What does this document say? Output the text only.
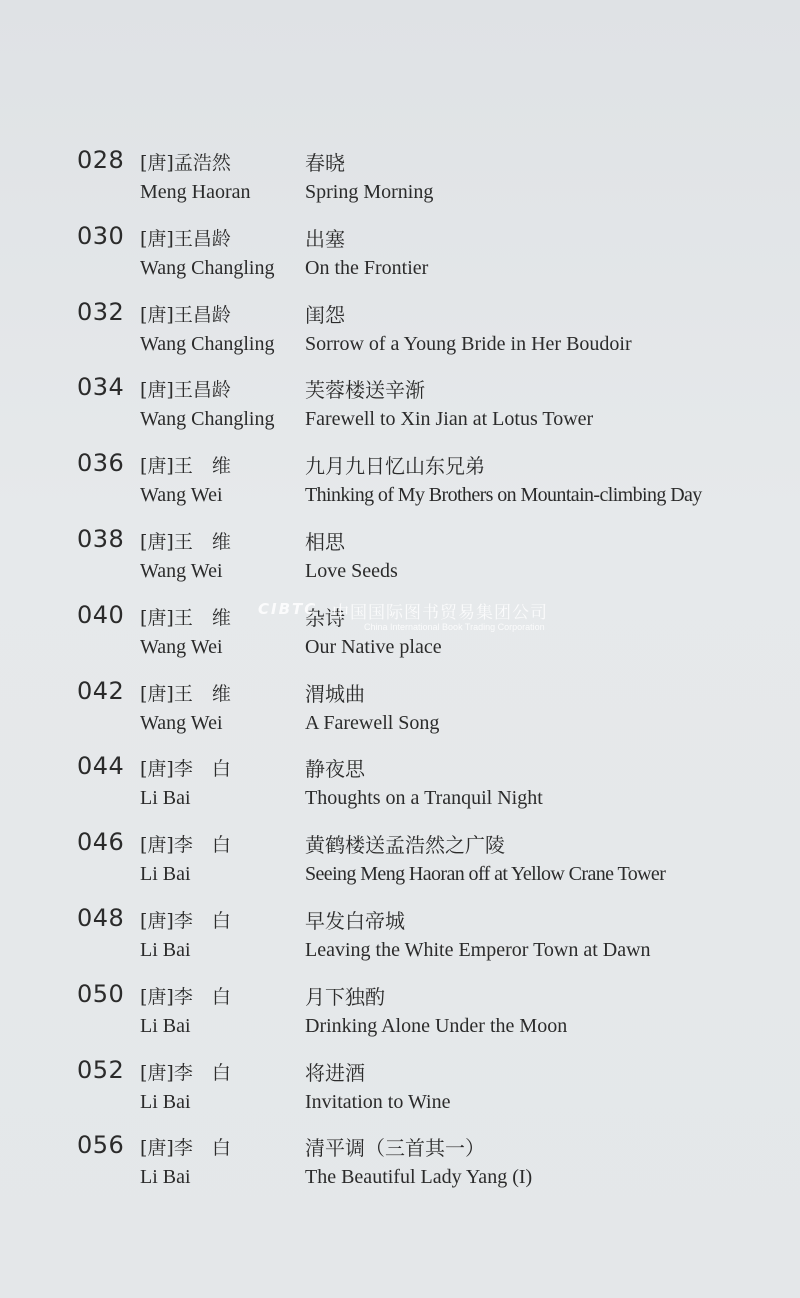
028 [唐]孟浩然
Meng Haoran
春晓
Spring Morning
030 [唐]王昌龄
Wang Changling
出塞
On the Frontier
032 [唐]王昌龄
Wang Changling
闺怨
Sorrow of a Young Bride in Her Boudoir
034 [唐]王昌龄
Wang Changling
芙蓉楼送辛渐
Farewell to Xin Jian at Lotus Tower
036 [唐]王　维
Wang Wei
九月九日忆山东兄弟
Thinking of My Brothers on Mountain-climbing Day
038 [唐]王　维
Wang Wei
相思
Love Seeds
040 [唐]王　维
Wang Wei
杂诗
Our Native place
042 [唐]王　维
Wang Wei
渭城曲
A Farewell Song
044 [唐]李　白
Li Bai
静夜思
Thoughts on a Tranquil Night
046 [唐]李　白
Li Bai
黄鹤楼送孟浩然之广陵
Seeing Meng Haoran off at Yellow Crane Tower
048 [唐]李　白
Li Bai
早发白帝城
Leaving the White Emperor Town at Dawn
050 [唐]李　白
Li Bai
月下独酌
Drinking Alone Under the Moon
052 [唐]李　白
Li Bai
将进酒
Invitation to Wine
056 [唐]李　白
Li Bai
清平调（三首其一）
The Beautiful Lady Yang (I)
CIBTC 中国国际图书贸易集团公司
China International Book Trading Corporation
